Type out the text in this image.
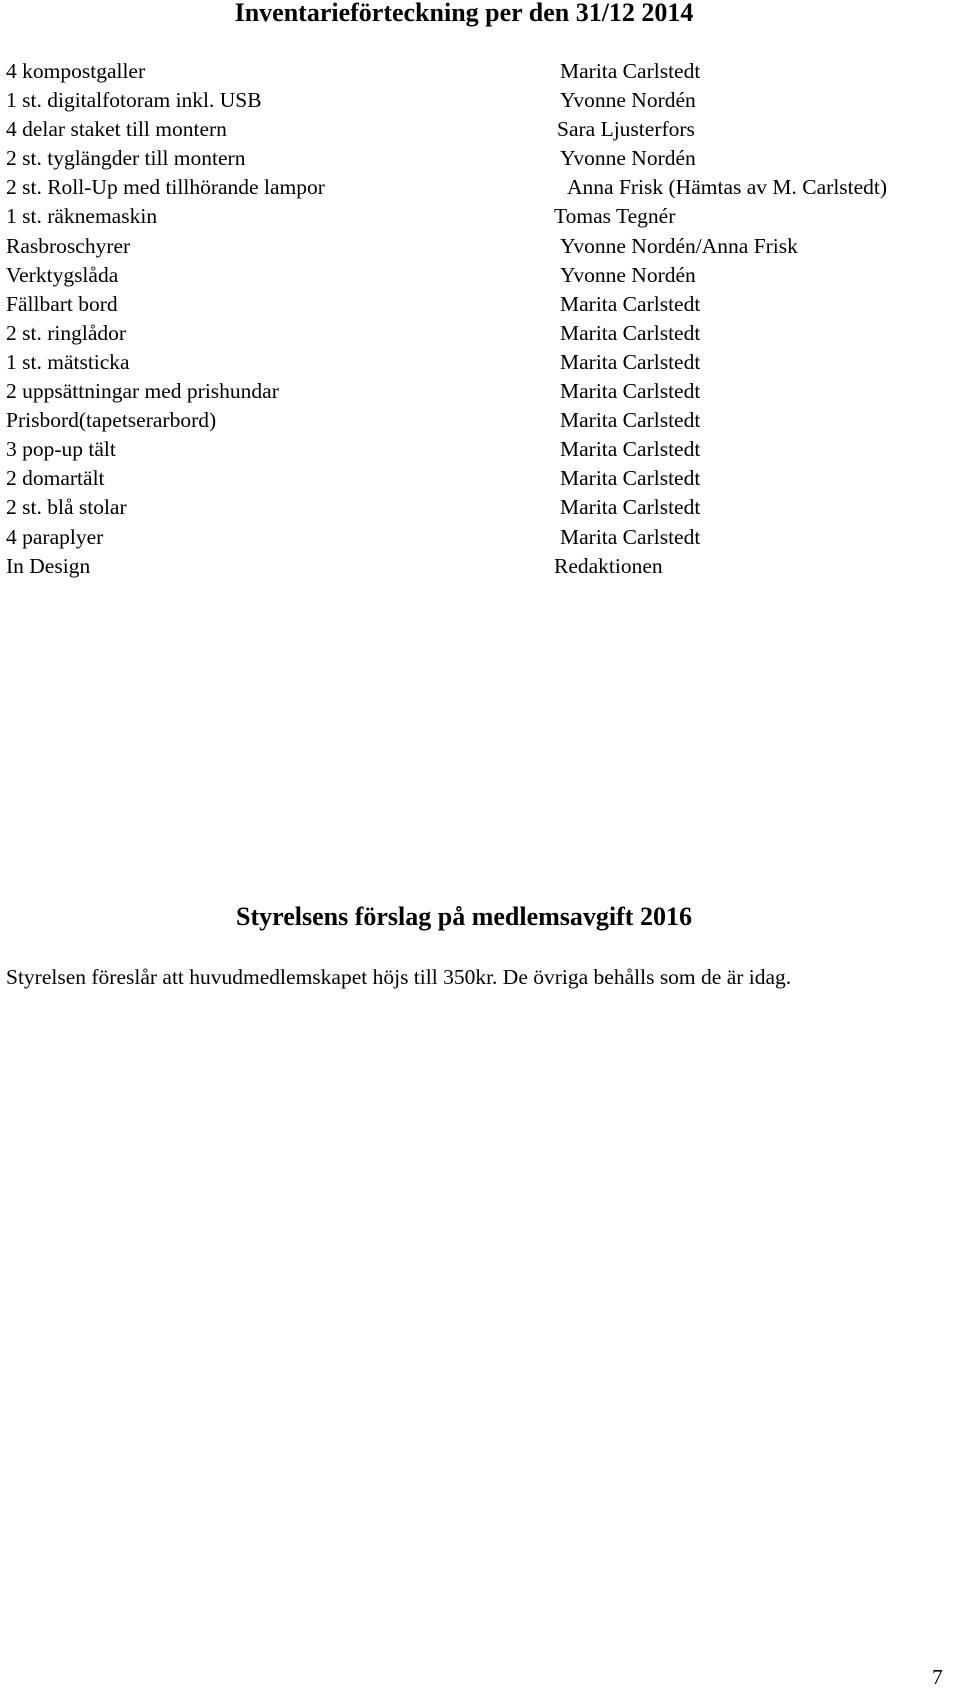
Inventarieförteckning per den 31/12 2014
4 kompostgaller	Marita Carlstedt
1 st. digitalfotoram inkl. USB	Yvonne Nordén
4 delar staket till montern	Sara Ljusterfors
2 st. tyglängder till montern	Yvonne Nordén
2 st. Roll-Up med tillhörande lampor	Anna Frisk (Hämtas av M. Carlstedt)
1 st. räknemaskin	Tomas Tegnér
Rasbroschyrer	Yvonne Nordén/Anna Frisk
Verktygslåda	Yvonne Nordén
Fällbart bord	Marita Carlstedt
2 st. ringlådor	Marita Carlstedt
1 st. mätsticka	Marita Carlstedt
2 uppsättningar med prishundar	Marita Carlstedt
Prisbord(tapetserarbord)	Marita Carlstedt
3 pop-up tält	Marita Carlstedt
2 domartält	Marita Carlstedt
2 st. blå stolar	Marita Carlstedt
4 paraplyer	Marita Carlstedt
In Design	Redaktionen
Styrelsens förslag på medlemsavgift 2016

Styrelsen föreslår att huvudmedlemskapet höjs till 350kr. De övriga behålls som de är idag.

7
